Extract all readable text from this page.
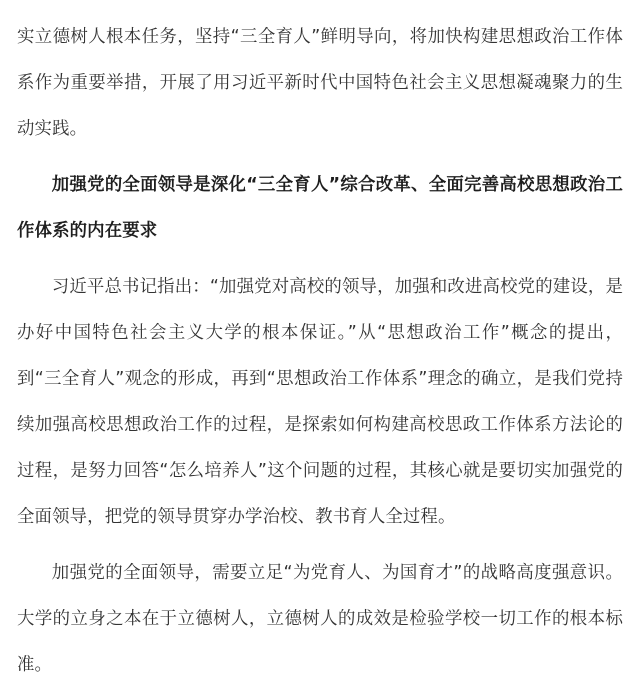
实立德树人根本任务，坚持“三全育人”鲜明导向，将加快构建思想政治工作体系作为重要举措，开展了用习近平新时代中国特色社会主义思想凝魂聚力的生动实践。

加强党的全面领导是深化“三全育人”综合改革、全面完善高校思想政治工作体系的内在要求

习近平总书记指出：“加强党对高校的领导，加强和改进高校党的建设，是办好中国特色社会主义大学的根本保证。”从“思想政治工作”概念的提出，到“三全育人”观念的形成，再到“思想政治工作体系”理念的确立，是我们党持续加强高校思想政治工作的过程，是探索如何构建高校思政工作体系方法论的过程，是努力回答“怎么培养人”这个问题的过程，其核心就是要切实加强党的全面领导，把党的领导贯穿办学治校、教书育人全过程。

加强党的全面领导，需要立足“为党育人、为国育才”的战略高度强意识。大学的立身之本在于立德树人，立德树人的成效是检验学校一切工作的根本标准。
